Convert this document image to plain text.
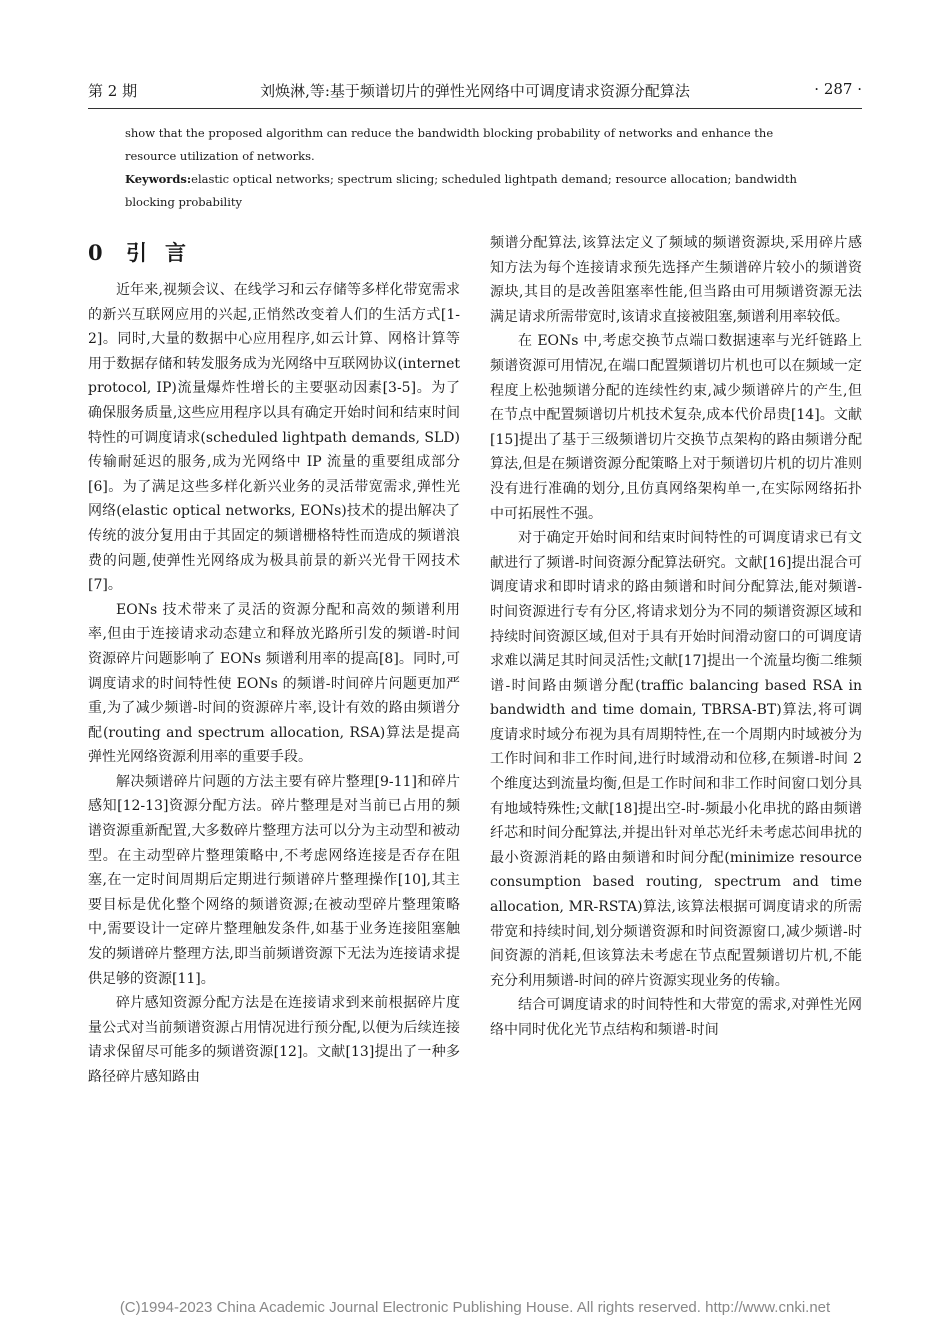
第 2 期	刘焕淋,等:基于频谱切片的弹性光网络中可调度请求资源分配算法	· 287 ·

show that the proposed algorithm can reduce the bandwidth blocking probability of networks and enhance the resource utilization of networks.

Keywords:elastic optical networks; spectrum slicing; scheduled lightpath demand; resource allocation; bandwidth blocking probability

0 引言

近年来,视频会议、在线学习和云存储等多样化带宽需求的新兴互联网应用的兴起,正悄然改变着人们的生活方式[1-2]。同时,大量的数据中心应用程序,如云计算、网格计算等用于数据存储和转发服务成为光网络中互联网协议(internet protocol, IP)流量爆炸性增长的主要驱动因素[3-5]。为了确保服务质量,这些应用程序以具有确定开始时间和结束时间特性的可调度请求(scheduled lightpath demands, SLD)传输耐延迟的服务,成为光网络中 IP 流量的重要组成部分[6]。为了满足这些多样化新兴业务的灵活带宽需求,弹性光网络(elastic optical networks, EONs)技术的提出解决了传统的波分复用由于其固定的频谱栅格特性而造成的频谱浪费的问题,使弹性光网络成为极具前景的新兴光骨干网技术[7]。

EONs 技术带来了灵活的资源分配和高效的频谱利用率,但由于连接请求动态建立和释放光路所引发的频谱-时间资源碎片问题影响了 EONs 频谱利用率的提高[8]。同时,可调度请求的时间特性使 EONs 的频谱-时间碎片问题更加严重,为了减少频谱-时间的资源碎片率,设计有效的路由频谱分配(routing and spectrum allocation, RSA)算法是提高弹性光网络资源利用率的重要手段。

解决频谱碎片问题的方法主要有碎片整理[9-11]和碎片感知[12-13]资源分配方法。碎片整理是对当前已占用的频谱资源重新配置,大多数碎片整理方法可以分为主动型和被动型。在主动型碎片整理策略中,不考虑网络连接是否存在阻塞,在一定时间周期后定期进行频谱碎片整理操作[10],其主要目标是优化整个网络的频谱资源;在被动型碎片整理策略中,需要设计一定碎片整理触发条件,如基于业务连接阻塞触发的频谱碎片整理方法,即当前频谱资源下无法为连接请求提供足够的资源[11]。

碎片感知资源分配方法是在连接请求到来前根据碎片度量公式对当前频谱资源占用情况进行预分配,以便为后续连接请求保留尽可能多的频谱资源[12]。文献[13]提出了一种多路径碎片感知路由

频谱分配算法,该算法定义了频域的频谱资源块,采用碎片感知方法为每个连接请求预先选择产生频谱碎片较小的频谱资源块,其目的是改善阻塞率性能,但当路由可用频谱资源无法满足请求所需带宽时,该请求直接被阻塞,频谱利用率较低。

在 EONs 中,考虑交换节点端口数据速率与光纤链路上频谱资源可用情况,在端口配置频谱切片机也可以在频域一定程度上松弛频谱分配的连续性约束,减少频谱碎片的产生,但在节点中配置频谱切片机技术复杂,成本代价昂贵[14]。文献[15]提出了基于三级频谱切片交换节点架构的路由频谱分配算法,但是在频谱资源分配策略上对于频谱切片机的切片准则没有进行准确的划分,且仿真网络架构单一,在实际网络拓扑中可拓展性不强。

对于确定开始时间和结束时间特性的可调度请求已有文献进行了频谱-时间资源分配算法研究。文献[16]提出混合可调度请求和即时请求的路由频谱和时间分配算法,能对频谱-时间资源进行专有分区,将请求划分为不同的频谱资源区域和持续时间资源区域,但对于具有开始时间滑动窗口的可调度请求难以满足其时间灵活性;文献[17]提出一个流量均衡二维频谱-时间路由频谱分配(traffic balancing based RSA in bandwidth and time domain, TBRSA-BT)算法,将可调度请求时域分布视为具有周期特性,在一个周期内时域被分为工作时间和非工作时间,进行时域滑动和位移,在频谱-时间 2 个维度达到流量均衡,但是工作时间和非工作时间窗口划分具有地域特殊性;文献[18]提出空-时-频最小化串扰的路由频谱纤芯和时间分配算法,并提出针对单芯光纤未考虑芯间串扰的最小资源消耗的路由频谱和时间分配(minimize resource consumption based routing, spectrum and time allocation, MR-RSTA)算法,该算法根据可调度请求的所需带宽和持续时间,划分频谱资源和时间资源窗口,减少频谱-时间资源的消耗,但该算法未考虑在节点配置频谱切片机,不能充分利用频谱-时间的碎片资源实现业务的传输。

结合可调度请求的时间特性和大带宽的需求,对弹性光网络中同时优化光节点结构和频谱-时间

(C)1994-2023 China Academic Journal Electronic Publishing House. All rights reserved. http://www.cnki.net
